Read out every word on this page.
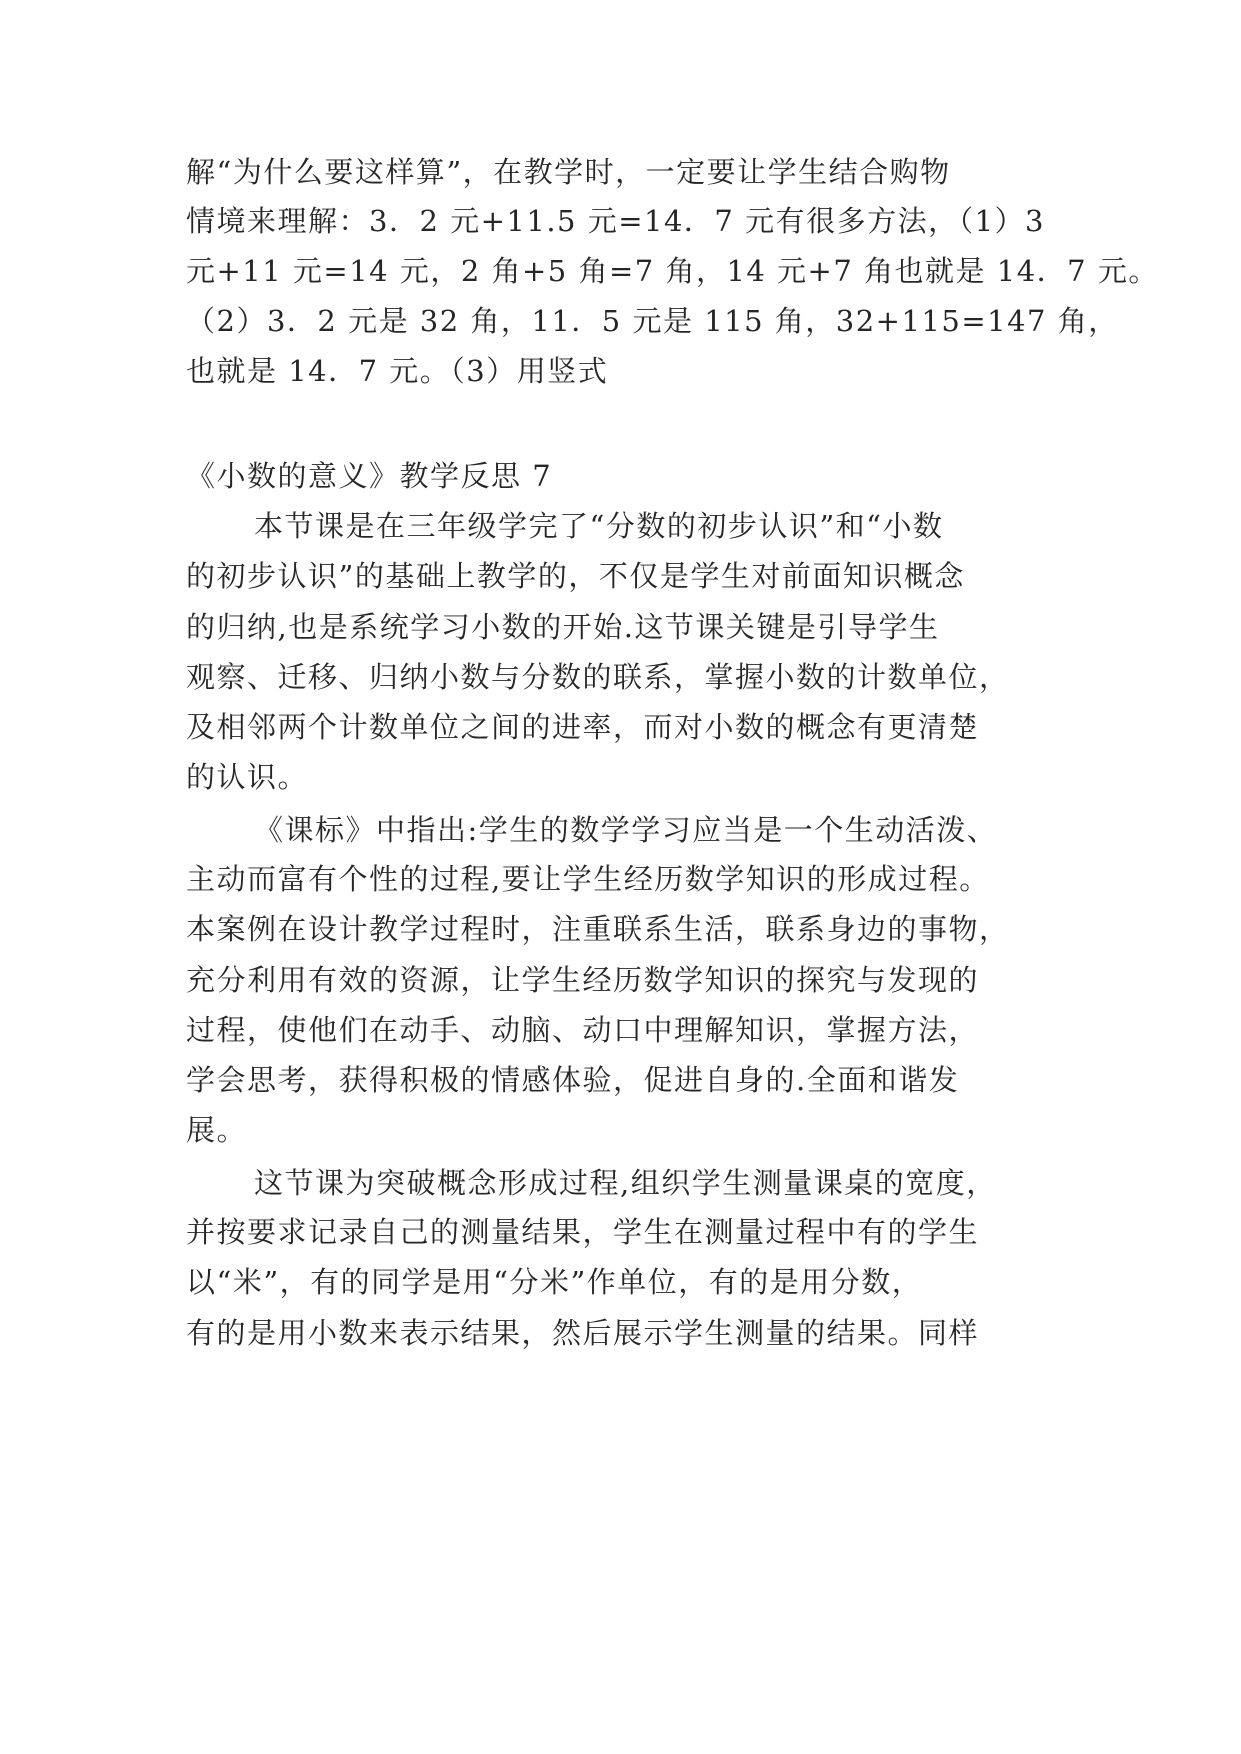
解“为什么要这样算”，在教学时，一定要让学生结合购物
情境来理解：3．2 元+11.5 元=14．7 元有很多方法，（1）3
元+11 元=14 元，2 角+5 角=7 角，14 元+7 角也就是 14．7 元。
（2）3．2 元是 32 角，11．5 元是 115 角，32+115=147 角，
也就是 14．7 元。（3）用竖式
《小数的意义》教学反思 7
本节课是在三年级学完了“分数的初步认识”和“小数
的初步认识”的基础上教学的，不仅是学生对前面知识概念
的归纳,也是系统学习小数的开始.这节课关键是引导学生
观察、迁移、归纳小数与分数的联系，掌握小数的计数单位，
及相邻两个计数单位之间的进率，而对小数的概念有更清楚
的认识。
《课标》中指出:学生的数学学习应当是一个生动活泼、
主动而富有个性的过程,要让学生经历数学知识的形成过程。
本案例在设计教学过程时，注重联系生活，联系身边的事物，
充分利用有效的资源，让学生经历数学知识的探究与发现的
过程，使他们在动手、动脑、动口中理解知识，掌握方法，
学会思考，获得积极的情感体验，促进自身的.全面和谐发
展。
这节课为突破概念形成过程,组织学生测量课桌的宽度，
并按要求记录自己的测量结果，学生在测量过程中有的学生
以“米”，有的同学是用“分米”作单位，有的是用分数，
有的是用小数来表示结果，然后展示学生测量的结果。同样
